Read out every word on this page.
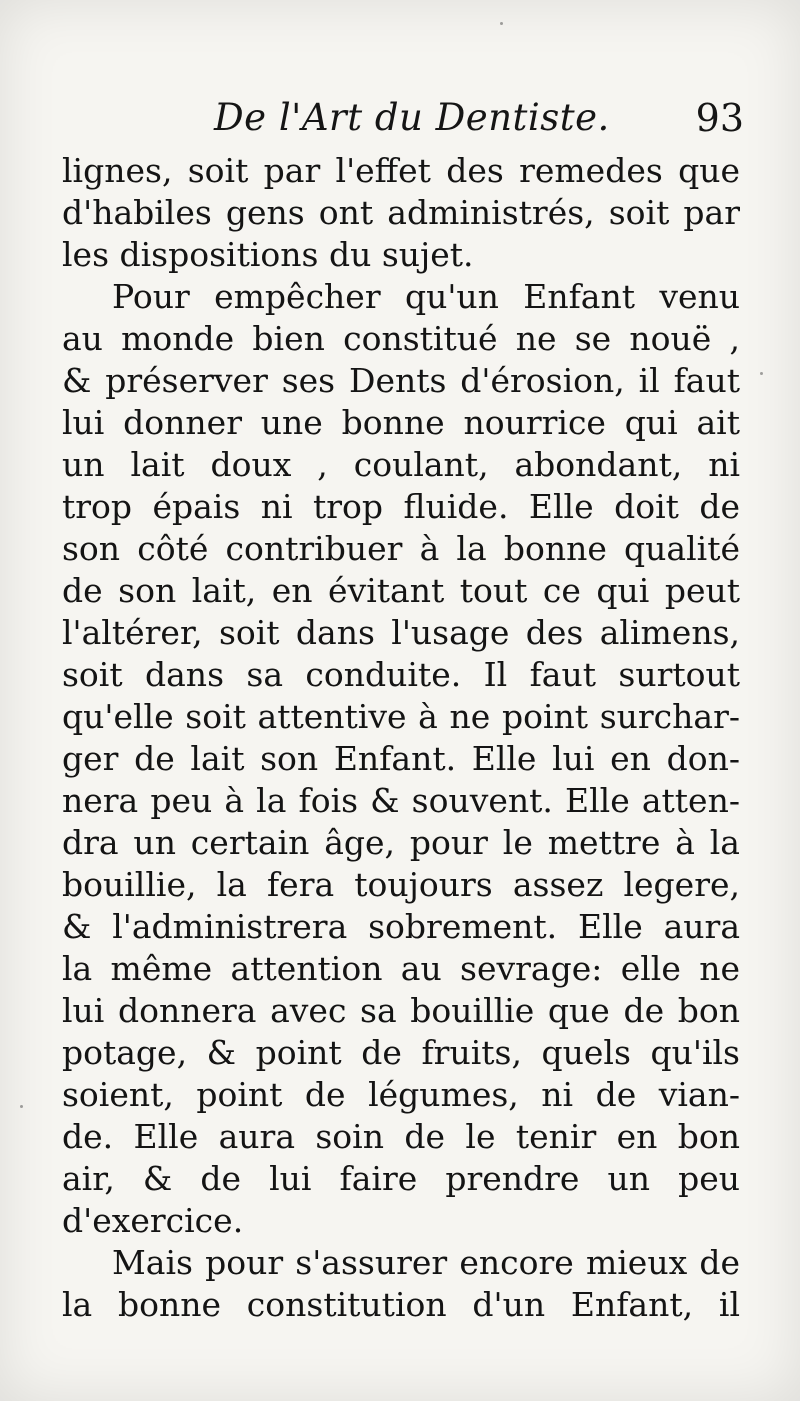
De l'Art du Dentiste. 93
lignes, soit par l'effet des remedes que
d'habiles gens ont administrés, soit par
les dispositions du sujet.
Pour empêcher qu'un Enfant venu
au monde bien constitué ne se nouë ,
& préserver ses Dents d'érosion, il faut
lui donner une bonne nourrice qui ait
un lait doux , coulant, abondant, ni
trop épais ni trop fluide. Elle doit de
son côté contribuer à la bonne qualité
de son lait, en évitant tout ce qui peut
l'altérer, soit dans l'usage des alimens,
soit dans sa conduite. Il faut surtout
qu'elle soit attentive à ne point surchar-
ger de lait son Enfant. Elle lui en don-
nera peu à la fois & souvent. Elle atten-
dra un certain âge, pour le mettre à la
bouillie, la fera toujours assez legere,
& l'administrera sobrement. Elle aura
la même attention au sevrage: elle ne
lui donnera avec sa bouillie que de bon
potage, & point de fruits, quels qu'ils
soient, point de légumes, ni de vian-
de. Elle aura soin de le tenir en bon
air, & de lui faire prendre un peu
d'exercice.
Mais pour s'assurer encore mieux de
la bonne constitution d'un Enfant, il
